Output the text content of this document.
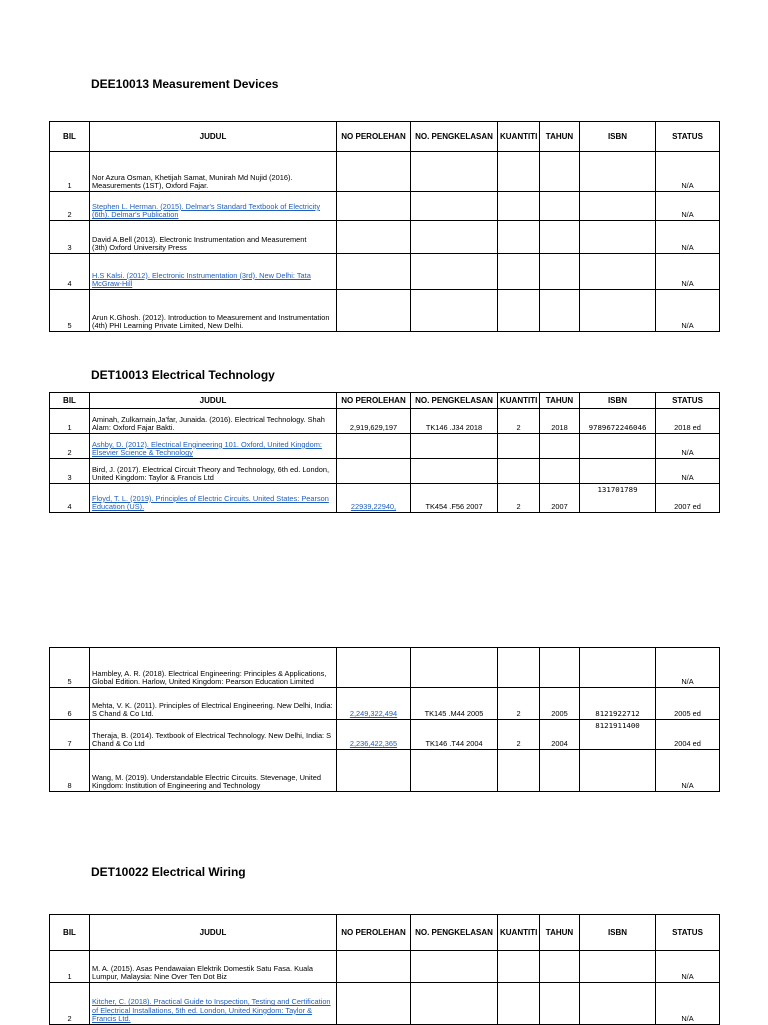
DEE10013 Measurement Devices
BIL	JUDUL	NO PEROLEHAN	NO. PENGKELASAN	KUANTITI	TAHUN	ISBN	STATUS
1	Nor Azura Osman, Khetijah Samat, Munirah Md Nujid (2016). Measurements (1ST), Oxford Fajar.						N/A
2	Stephen L. Herman. (2015). Delmar's Standard Textbook of Electricity (6th). Delmar's Publication						N/A
3	David A.Bell (2013). Electronic Instrumentation and Measurement
(3th) Oxford University Press						N/A
4	H.S Kalsi. (2012). Electronic Instrumentation (3rd). New Delhi: Tata
McGraw-Hill						N/A
5	Arun K.Ghosh. (2012). Introduction to Measurement and Instrumentation (4th) PHI Learning Private Limited, New Delhi.						N/A
DET10013 Electrical Technology
BIL	JUDUL	NO PEROLEHAN	NO. PENGKELASAN	KUANTITI	TAHUN	ISBN	STATUS
1	Aminah, Zulkarnain,Ja'far, Junaida. (2016). Electrical Technology. Shah Alam: Oxford Fajar Bakti.	2,919,629,197	TK146 .J34 2018	2	2018	9789672246046	2018 ed
2	Ashby, D. (2012). Electrical Engineering 101. Oxford, United Kingdom: Elsevier Science & Technology						N/A
3	Bird, J. (2017). Electrical Circuit Theory and Technology, 6th ed. London, United Kingdom: Taylor & Francis Ltd						N/A
4	Floyd, T. L. (2019). Principles of Electric Circuits. United States: Pearson Education (US).	22939,22940,	TK454 .F56 2007	2	2007	131701789	2007 ed
5	Hambley, A. R. (2018). Electrical Engineering: Principles & Applications, Global Edition. Harlow, United Kingdom: Pearson Education Limited						N/A
6	Mehta, V. K. (2011). Principles of Electrical Engineering. New Delhi, India: S Chand & Co Ltd.	2,249,322,494	TK145 .M44 2005	2	2005	8121922712	2005 ed
7	Theraja, B. (2014). Textbook of Electrical Technology. New Delhi, India: S Chand & Co Ltd	2,236,422,365	TK146 .T44 2004	2	2004	8121911400	2004 ed
8	Wang, M. (2019). Understandable Electric Circuits. Stevenage, United Kingdom: Institution of Engineering and Technology						N/A
DET10022 Electrical Wiring
BIL	JUDUL	NO PEROLEHAN	NO. PENGKELASAN	KUANTITI	TAHUN	ISBN	STATUS
1	M. A. (2015). Asas Pendawaian Elektrik Domestik Satu Fasa. Kuala Lumpur, Malaysia: Nine Over Ten Dot Biz						N/A
2	Kitcher, C. (2018). Practical Guide to Inspection, Testing and Certification of Electrical Installations, 5th ed. London, United Kingdom: Taylor & Francis Ltd.						N/A
